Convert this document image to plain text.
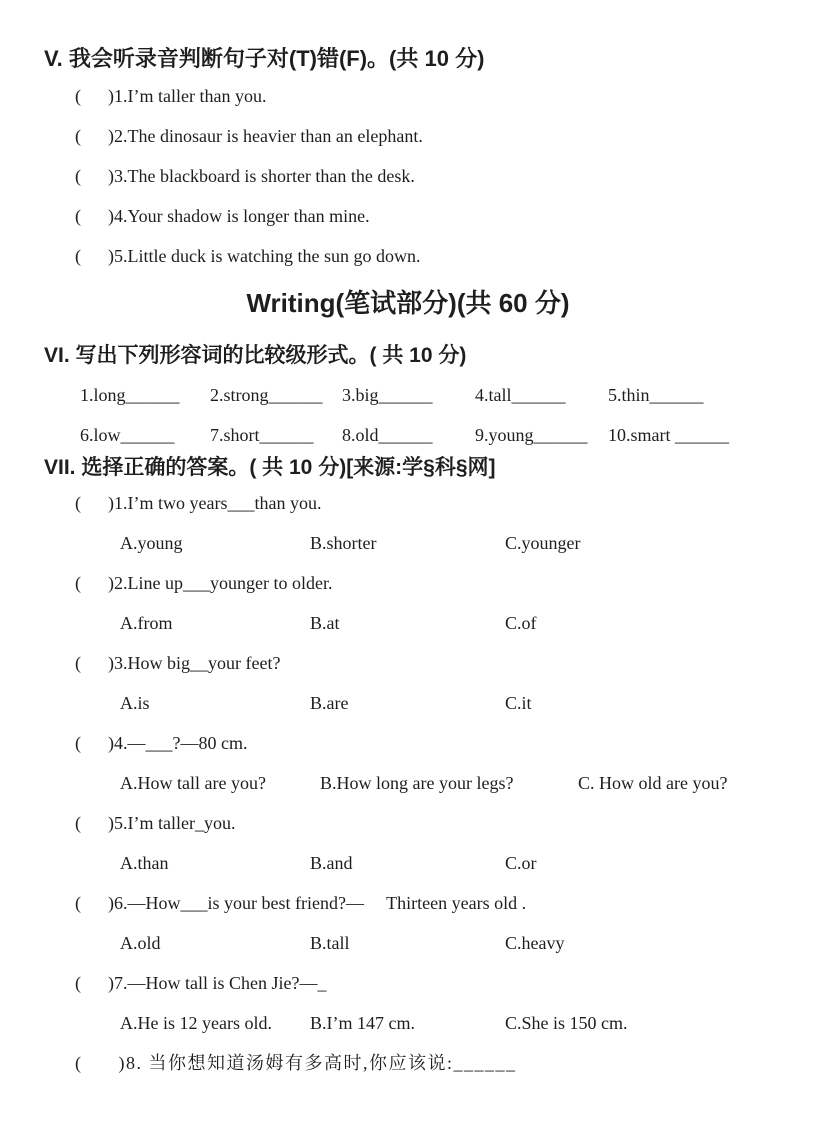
V. 我会听录音判断句子对(T)错(F)。(共 10 分)
(      )1.I’m taller than you.
(      )2.The dinosaur is heavier than an elephant.
(      )3.The blackboard is shorter than the desk.
(      )4.Your shadow is longer than mine.
(      )5.Little duck is watching the sun go down.
Writing(笔试部分)(共 60 分)
VI. 写出下列形容词的比较级形式。( 共 10 分)
1.long______	2.strong______	3.big______	4.tall______	5.thin______
6.low______	7.short______	8.old______	9.young______	10.smart ______
VII. 选择正确的答案。( 共 10 分)[来源:学§科§网]
(      )1.I’m two years___than you.
A.young	B.shorter	C.younger
(      )2.Line up___younger to older.
A.from	B.at	C.of
(      )3.How big__your feet?
A.is	B.are	C.it
(      )4.—___?—80 cm.
A.How tall are you?	B.How long are your legs?	C. How old are you?
(      )5.I’m taller_you.
A.than	B.and	C.or
(      )6.—How___is your best friend?—     Thirteen years old .
A.old	B.tall	C.heavy
(      )7.—How tall is Chen Jie?—_
A.He is 12 years old.	B.I’m 147 cm.	C.She is 150 cm.
(      )8. 当你想知道汤姆有多高时,你应该说:______
